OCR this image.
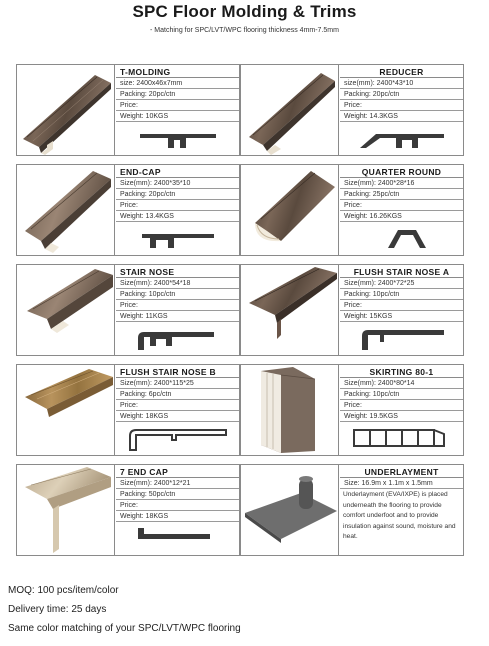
SPC Floor Molding & Trims
- Matching for SPC/LVT/WPC flooring thickness 4mm-7.5mm
T-MOLDING
size: 2400x46x7mm
Packing: 20pc/ctn
Price:
Weight: 10KGS
REDUCER
size(mm): 2400*43*10
Packing: 20pc/ctn
Price:
Weight: 14.3KGS
END-CAP
Size(mm): 2400*35*10
Packing: 20pc/ctn
Price:
Weight: 13.4KGS
QUARTER ROUND
Size(mm): 2400*28*16
Packing: 25pc/ctn
Price:
Weight: 16.26KGS
STAIR NOSE
Size(mm): 2400*54*18
Packing: 10pc/ctn
Price:
Weight: 11KGS
FLUSH STAIR NOSE A
Size(mm): 2400*72*25
Packing: 10pc/ctn
Price:
Weight: 15KGS
FLUSH STAIR NOSE B
Size(mm): 2400*115*25
Packing: 6pc/ctn
Price:
Weight: 18KGS
SKIRTING 80-1
Size(mm): 2400*80*14
Packing: 10pc/ctn
Price:
Weight: 19.5KGS
7 END CAP
Size(mm): 2400*12*21
Packing: 50pc/ctn
Price:
Weight: 18KGS
UNDERLAYMENT
Size: 16.9m x 1.1m x 1.5mm
Underlayment (EVA/IXPE) is placed underneath the flooring to provide comfort underfoot and to provide insulation against sound, moisture and heat.
MOQ: 100 pcs/item/color
Delivery time: 25 days
Same color matching of your SPC/LVT/WPC flooring
